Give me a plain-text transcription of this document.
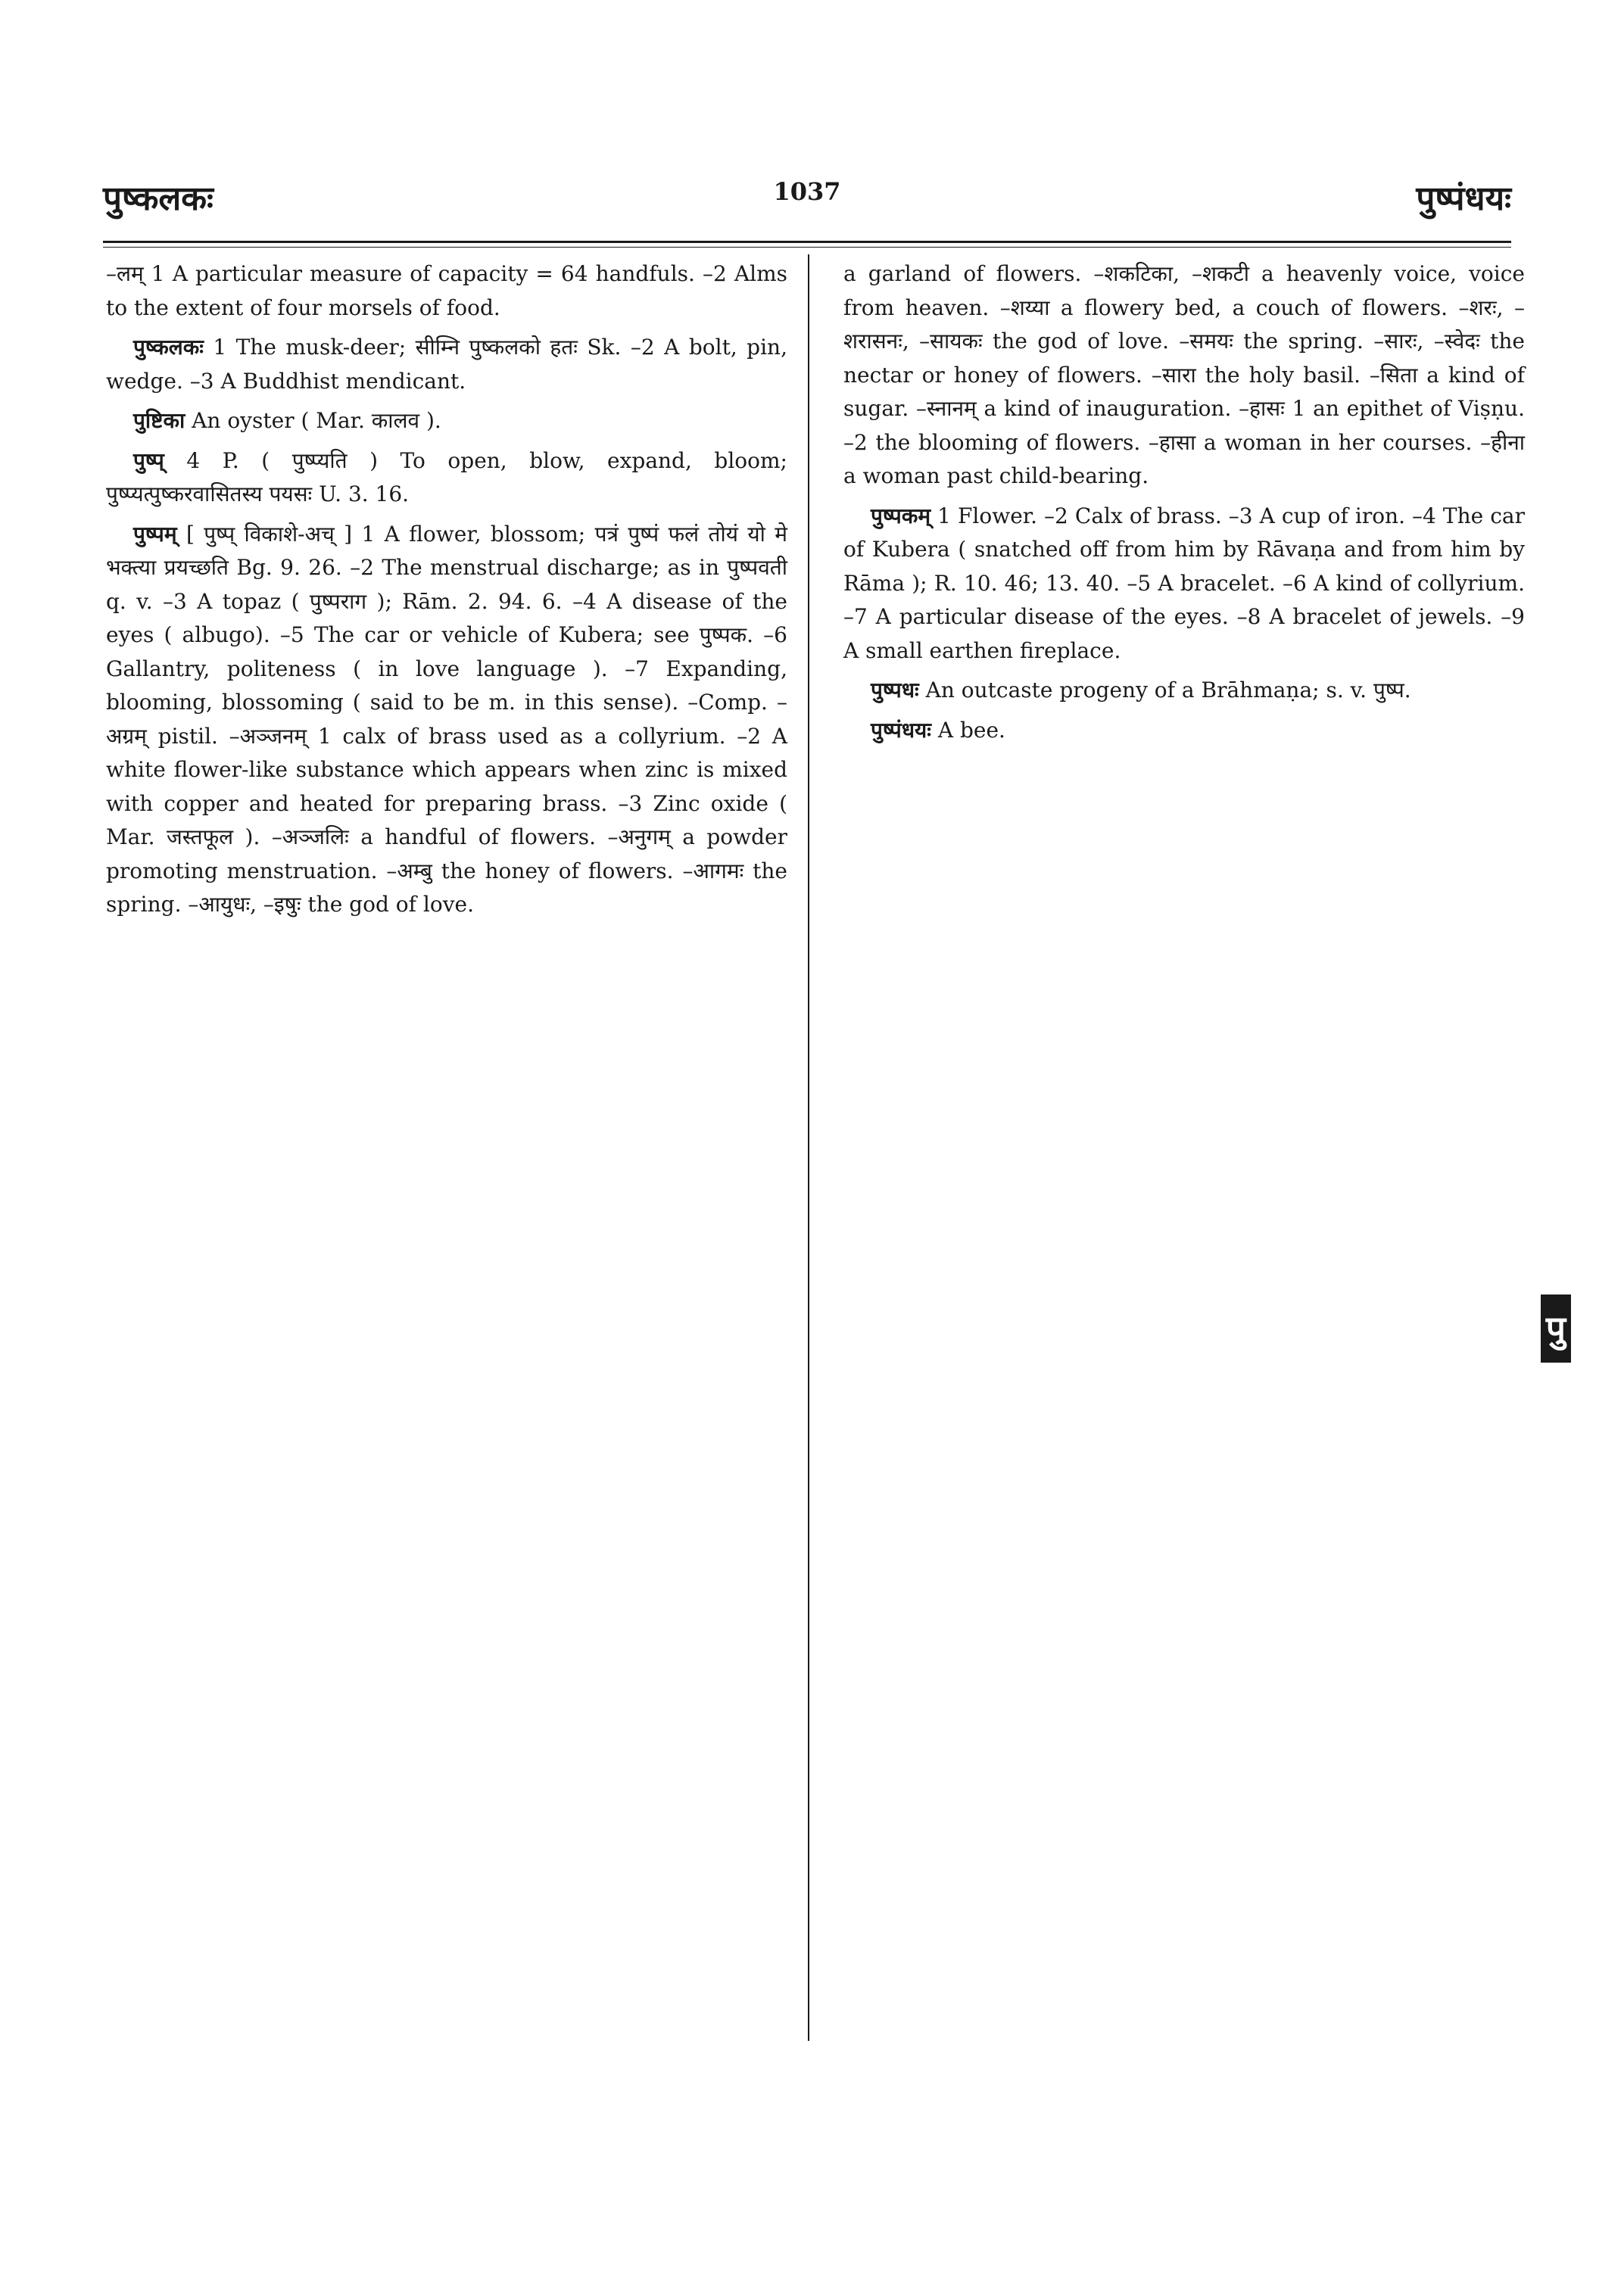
पुष्कलकः	1037	पुष्पंधयः

–लम् 1 A particular measure of capacity = 64 handfuls. –2 Alms to the extent of four morsels of food.

पुष्कलकः 1 The musk-deer; सीम्नि पुष्कलको हतः Sk. –2 A bolt, pin, wedge. –3 A Buddhist mendicant.

पुष्टिका An oyster ( Mar. कालव ).

पुष्प् 4 P. ( पुष्प्यति ) To open, blow, expand, bloom; पुष्प्यत्पुष्करवासितस्य पयसः U. 3. 16.

पुष्पम् [ पुष्प् विकाशे-अच् ] 1 A flower, blossom; पत्रं पुष्पं फलं तोयं यो मे भक्त्या प्रयच्छति Bg. 9. 26. –2 The menstrual discharge; as in पुष्पवती q. v. –3 A topaz ( पुष्पराग ); Rām. 2. 94. 6. –4 A disease of the eyes ( albugo). –5 The car or vehicle of Kubera; see पुष्पक. –6 Gallantry, politeness ( in love language ). –7 Expanding, blooming, blossoming ( said to be m. in this sense). –Comp. –अग्रम् pistil. –अञ्जनम् 1 calx of brass used as a collyrium. –2 A white flower-like substance which appears when zinc is mixed with copper and heated for preparing brass. –3 Zinc oxide ( Mar. जस्तफूल ). –अञ्जलिः a handful of flowers. –अनुगम् a powder promoting menstruation. –अम्बु the honey of flowers. –आगमः the spring. –आयुधः, –इषुः the god of love.

a garland of flowers. –शकटिका, –शकटी a heavenly voice, voice from heaven. –शय्या a flowery bed, a couch of flowers. –शरः, –शरासनः, –सायकः the god of love. –समयः the spring. –सारः, –स्वेदः the nectar or honey of flowers. –सारा the holy basil. –सिता a kind of sugar. –स्नानम् a kind of inauguration. –हासः 1 an epithet of Viṣṇu. –2 the blooming of flowers. –हासा a woman in her courses. –हीना a woman past child-bearing.

पुष्पकम् 1 Flower. –2 Calx of brass. –3 A cup of iron. –4 The car of Kubera ( snatched off from him by Rāvaṇa and from him by Rāma ); R. 10. 46; 13. 40. –5 A bracelet. –6 A kind of collyrium. –7 A particular disease of the eyes. –8 A bracelet of jewels. –9 A small earthen fireplace.

पुष्पधः An outcaste progeny of a Brāhmaṇa; s. v. पुष्प.

पुष्पंधयः A bee.

पु
